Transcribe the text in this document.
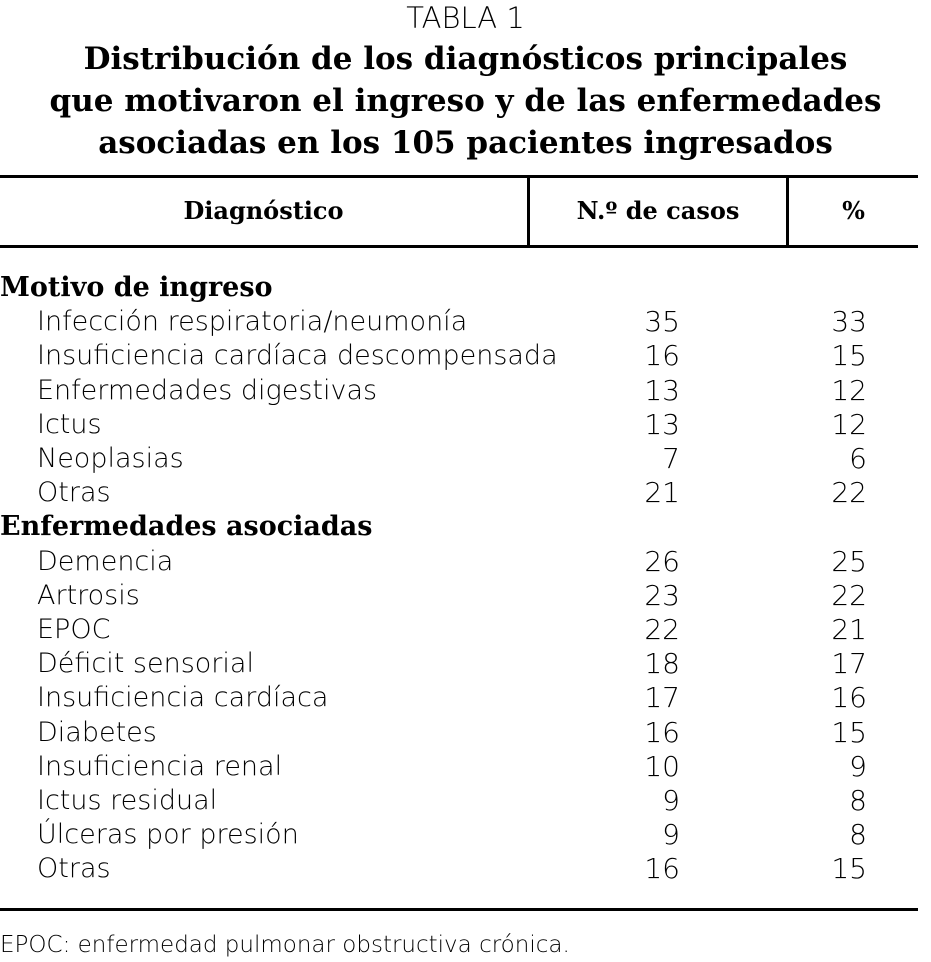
TABLA 1
Distribución de los diagnósticos principales
que motivaron el ingreso y de las enfermedades
asociadas en los 105 pacientes ingresados
Diagnóstico	N.º de casos	%
Motivo de ingreso
Infección respiratoria/neumonía	35	33
Insuficiencia cardíaca descompensada	16	15
Enfermedades digestivas	13	12
Ictus	13	12
Neoplasias	7	6
Otras	21	22
Enfermedades asociadas
Demencia	26	25
Artrosis	23	22
EPOC	22	21
Déficit sensorial	18	17
Insuficiencia cardíaca	17	16
Diabetes	16	15
Insuficiencia renal	10	9
Ictus residual	9	8
Úlceras por presión	9	8
Otras	16	15
EPOC: enfermedad pulmonar obstructiva crónica.
